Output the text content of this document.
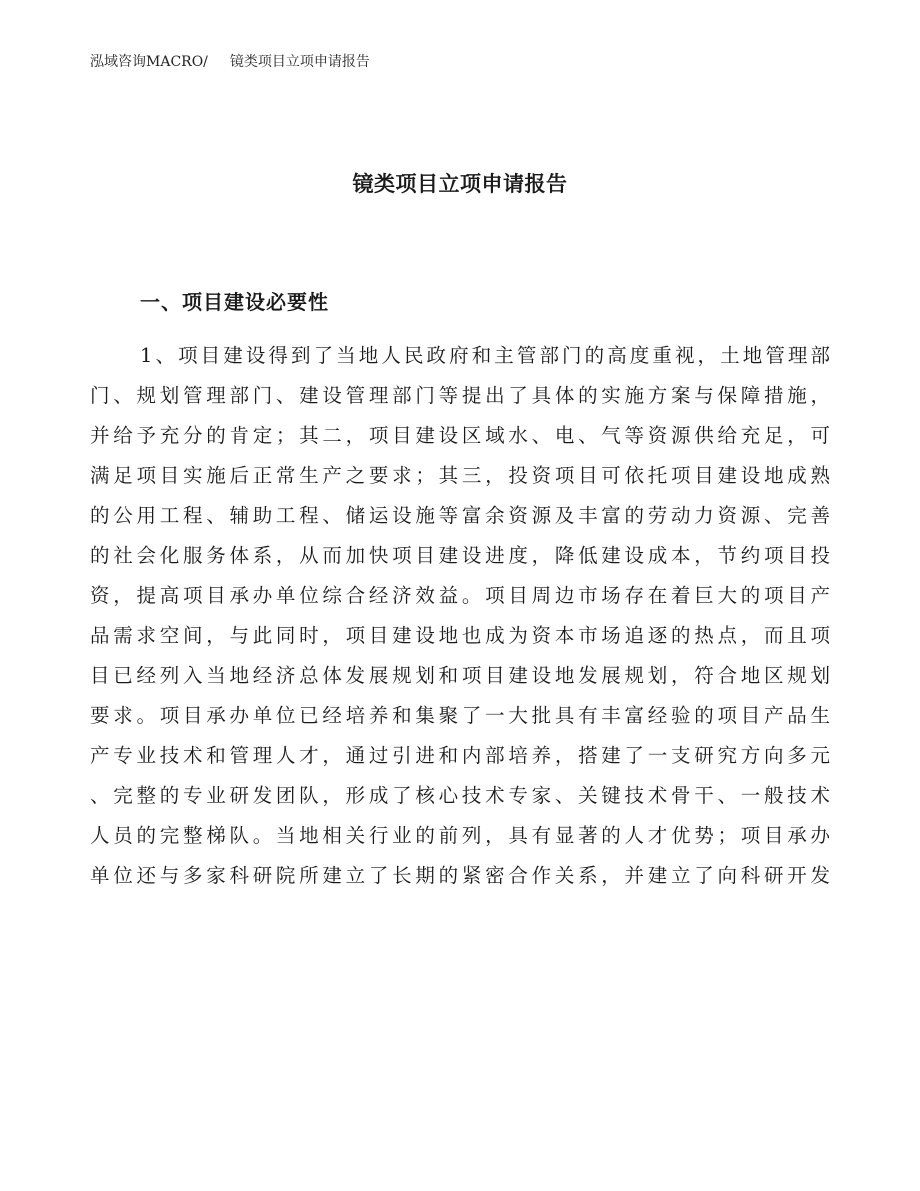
泓域咨询MACRO/ 镜类项目立项申请报告
镜类项目立项申请报告
一、项目建设必要性
1、项目建设得到了当地人民政府和主管部门的高度重视，土地管理部
门、规划管理部门、建设管理部门等提出了具体的实施方案与保障措施，
并给予充分的肯定；其二，项目建设区域水、电、气等资源供给充足，可
满足项目实施后正常生产之要求；其三，投资项目可依托项目建设地成熟
的公用工程、辅助工程、储运设施等富余资源及丰富的劳动力资源、完善
的社会化服务体系，从而加快项目建设进度，降低建设成本，节约项目投
资，提高项目承办单位综合经济效益。项目周边市场存在着巨大的项目产
品需求空间，与此同时，项目建设地也成为资本市场追逐的热点，而且项
目已经列入当地经济总体发展规划和项目建设地发展规划，符合地区规划
要求。项目承办单位已经培养和集聚了一大批具有丰富经验的项目产品生
产专业技术和管理人才，通过引进和内部培养，搭建了一支研究方向多元
、完整的专业研发团队，形成了核心技术专家、关键技术骨干、一般技术
人员的完整梯队。当地相关行业的前列，具有显著的人才优势；项目承办
单位还与多家科研院所建立了长期的紧密合作关系，并建立了向科研开发
